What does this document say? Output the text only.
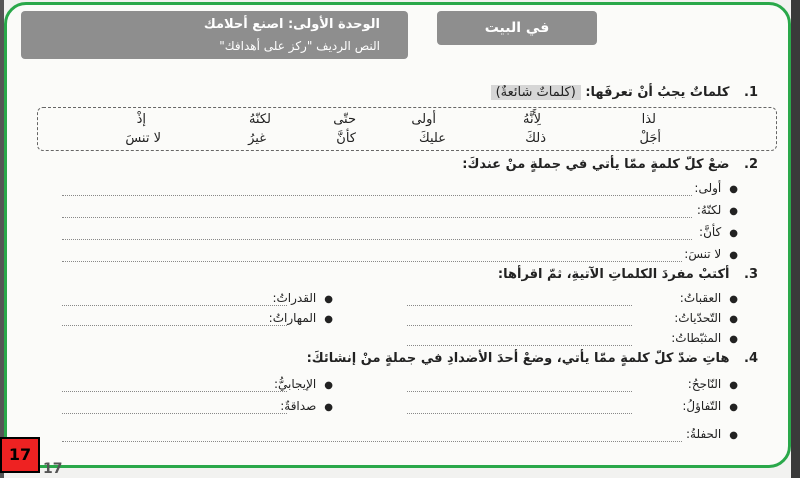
الوحدة الأولى: اصنع أحلامك
النص الرديف "ركز على أهدافك"
في البيت
1. كلماتٌ يجبُ أنْ تعرفَها: (كلماتٌ شائعةٌ)
لذا
لِأَنَّهُ
أولى
حتّى
لكنّهُ
إذْ
أجَلْ
ذلكَ
عليكَ
كأنَّ
غيرُ
لا تنسَ
2. ضعْ كلّ كلمةٍ ممّا يأتي في جملةٍ منْ عندكَ:
●أولى:
●لكنّهُ:
●كأنَّ:
●لا تنسَ:
3. أكتبْ مفردَ الكلماتِ الآتيةِ، ثمّ اقرأها:
●العقباتُ:
●القدراتُ:
●التّحدّياتُ:
●المهاراتُ:
●المثبّطاتُ:
4. هاتِ ضدّ كلّ كلمةٍ ممّا يأتي، وضعْ أحدَ الأضدادِ في جملةٍ منْ إنشائكَ:
●النّاجحُ:
●الإيجابيُّ:
●التّفاؤلُ:
●صداقةٌ:
●الحفلةُ:
17
17
